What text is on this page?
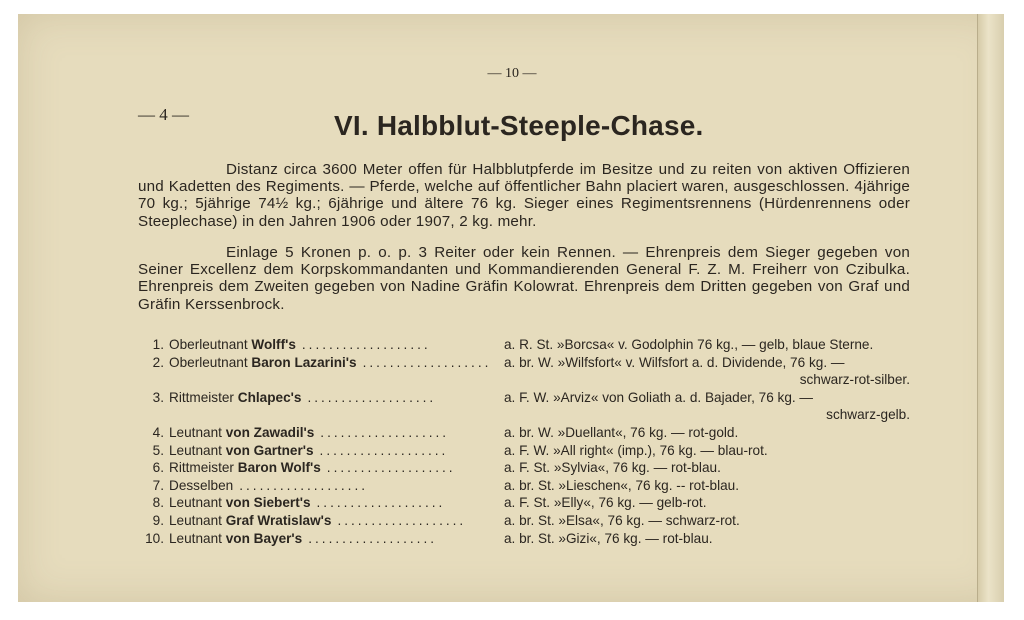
— 10 —
— 4 —	VI. Halbblut-Steeple-Chase.

Distanz circa 3600 Meter offen für Halbblutpferde im Besitze und zu reiten von aktiven Offizieren und Kadetten des Regiments. — Pferde, welche auf öffentlicher Bahn placiert waren, ausgeschlossen. 4jährige 70 kg.; 5jährige 74½ kg.; 6jährige und ältere 76 kg. Sieger eines Regimentsrennens (Hürdenrennens oder Steeplechase) in den Jahren 1906 oder 1907, 2 kg. mehr.

Einlage 5 Kronen p. o. p. 3 Reiter oder kein Rennen. — Ehrenpreis dem Sieger gegeben von Seiner Excellenz dem Korpskommandanten und Kommandierenden General F. Z. M. Freiherr von Czibulka. Ehrenpreis dem Zweiten gegeben von Nadine Gräfin Kolowrat. Ehrenpreis dem Dritten gegeben von Graf und Gräfin Kerssenbrock.

1. Oberleutnant Wolff's ...................	a. R. St. »Borcsa« v. Godolphin 76 kg., — gelb, blaue Sterne.
2. Oberleutnant Baron Lazarini's ................... a. br. W. »Wilfsfort« v. Wilfsfort a. d. Dividende, 76 kg. —
schwarz-rot-silber.
3. Rittmeister Chlapec's ...................	a. F. W. »Arviz« von Goliath a. d. Bajader, 76 kg. —
schwarz-gelb.
4. Leutnant von Zawadil's ...................	a. br. W. »Duellant«, 76 kg. — rot-gold.
5. Leutnant von Gartner's ...................	a. F. W. »All right« (imp.), 76 kg. — blau-rot.
6. Rittmeister Baron Wolf's ...................	a. F. St. »Sylvia«, 76 kg. — rot-blau.
7. Desselben ...................	a. br. St. »Lieschen«, 76 kg. -- rot-blau.
8. Leutnant von Siebert's ...................	a. F. St. »Elly«, 76 kg. — gelb-rot.
9. Leutnant Graf Wratislaw's ...................	a. br. St. »Elsa«, 76 kg. — schwarz-rot.
10. Leutnant von Bayer's ...................	a. br. St. »Gizi«, 76 kg. — rot-blau.
